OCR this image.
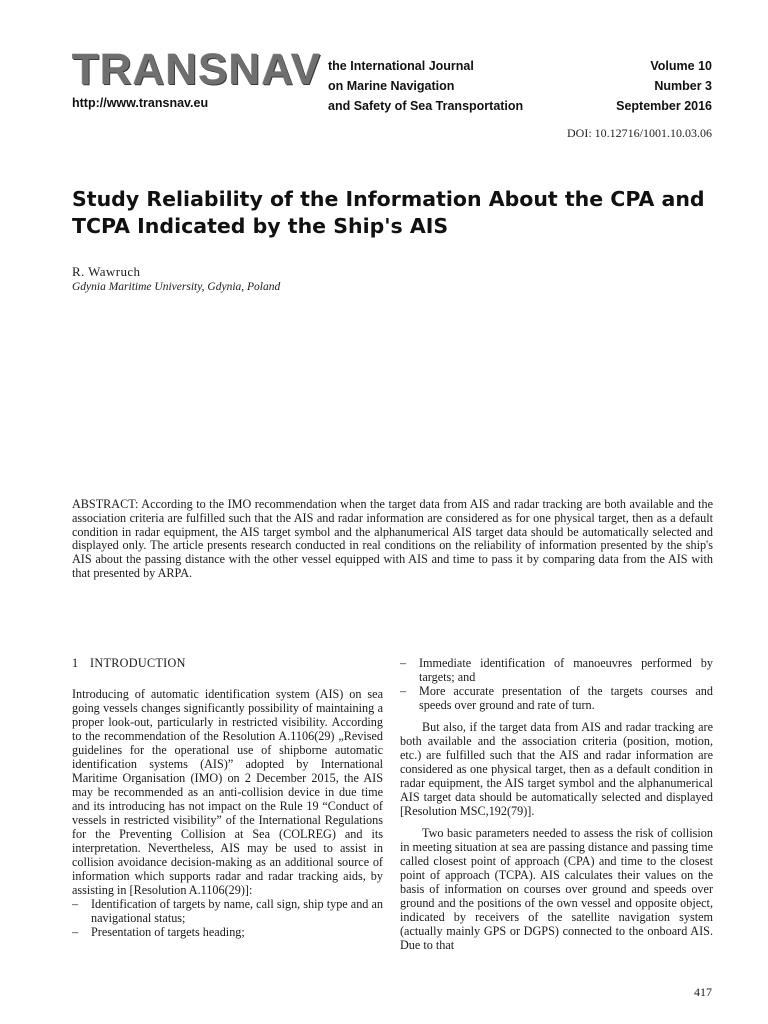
TRANSNAV
http://www.transnav.eu
the International Journal
on Marine Navigation
and Safety of Sea Transportation
Volume 10
Number 3
September 2016
DOI: 10.12716/1001.10.03.06
Study Reliability of the Information About the CPA and TCPA Indicated by the Ship's AIS
R. Wawruch
Gdynia Maritime University, Gdynia, Poland
ABSTRACT: According to the IMO recommendation when the target data from AIS and radar tracking are both available and the association criteria are fulfilled such that the AIS and radar information are considered as for one physical target, then as a default condition in radar equipment, the AIS target symbol and the alphanumerical AIS target data should be automatically selected and displayed only. The article presents research conducted in real conditions on the reliability of information presented by the ship's AIS about the passing distance with the other vessel equipped with AIS and time to pass it by comparing data from the AIS with that presented by ARPA.

1 INTRODUCTION

Introducing of automatic identification system (AIS) on sea going vessels changes significantly possibility of maintaining a proper look-out, particularly in restricted visibility. According to the recommendation of the Resolution A.1106(29) „Revised guidelines for the operational use of shipborne automatic identification systems (AIS)” adopted by International Maritime Organisation (IMO) on 2 December 2015, the AIS may be recommended as an anti-collision device in due time and its introducing has not impact on the Rule 19 “Conduct of vessels in restricted visibility” of the International Regulations for the Preventing Collision at Sea (COLREG) and its interpretation. Nevertheless, AIS may be used to assist in collision avoidance decision-making as an additional source of information which supports radar and radar tracking aids, by assisting in [Resolution A.1106(29)]:

– Identification of targets by name, call sign, ship type and an navigational status;
– Presentation of targets heading;
– Immediate identification of manoeuvres performed by targets; and
– More accurate presentation of the targets courses and speeds over ground and rate of turn.

But also, if the target data from AIS and radar tracking are both available and the association criteria (position, motion, etc.) are fulfilled such that the AIS and radar information are considered as one physical target, then as a default condition in radar equipment, the AIS target symbol and the alphanumerical AIS target data should be automatically selected and displayed [Resolution MSC,192(79)].

Two basic parameters needed to assess the risk of collision in meeting situation at sea are passing distance and passing time called closest point of approach (CPA) and time to the closest point of approach (TCPA). AIS calculates their values on the basis of information on courses over ground and speeds over ground and the positions of the own vessel and opposite object, indicated by receivers of the satellite navigation system (actually mainly GPS or DGPS) connected to the onboard AIS. Due to that

417
